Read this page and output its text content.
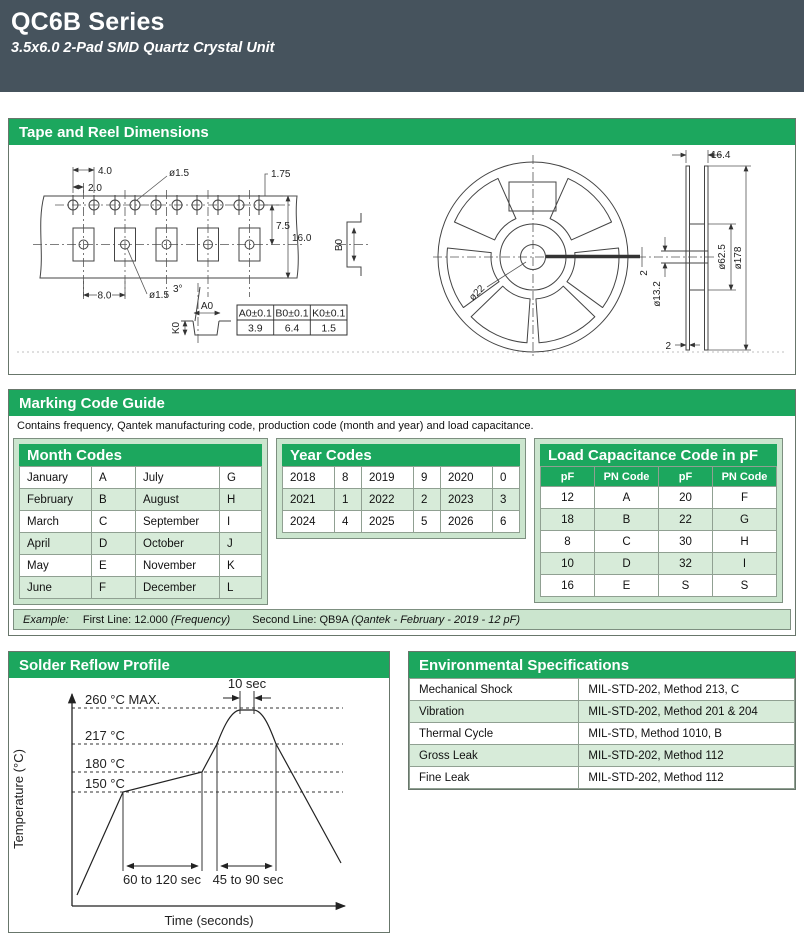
QC6B Series
3.5x6.0 2-Pad SMD Quartz Crystal Unit
Tape and Reel Dimensions
4.0
2.0
ø1.5	1.75
7.5
16.0
8.0	ø1.5
3°
A0
K0
A0±0.1 B0±0.1 K0±0.1
3.9 6.4 1.5
B0
ø22
2
16.4
ø13.2
ø62.5 ø178
2
Marking Code Guide
Contains frequency, Qantek manufacturing code, production code (month and year) and load capacitance.
Month Codes
January	A	July	G
February	B	August	H
March	C	September	I
April	D	October	J
May	E	November	K
June	F	December	L
Year Codes
2018	8	2019	9	2020	0
2021	1	2022	2	2023	3
2024	4	2025	5	2026	6
Load Capacitance Code in pF
pF	PN Code	pF	PN Code
12	A	20	F
18	B	22	G
8	C	30	H
10	D	32	I
16	E	S	S
Example: First Line: 12.000 (Frequency) Second Line: QB9A (Qantek - February - 2019 - 12 pF)
Solder Reflow Profile
260 °C MAX.
217 °C
180 °C
150 °C
10 sec
60 to 120 sec 45 to 90 sec
Temperature (°C)
Time (seconds)
Environmental Specifications
Mechanical Shock	MIL-STD-202, Method 213, C
Vibration	MIL-STD-202, Method 201 & 204
Thermal Cycle	MIL-STD, Method 1010, B
Gross Leak	MIL-STD-202, Method 112
Fine Leak	MIL-STD-202, Method 112
